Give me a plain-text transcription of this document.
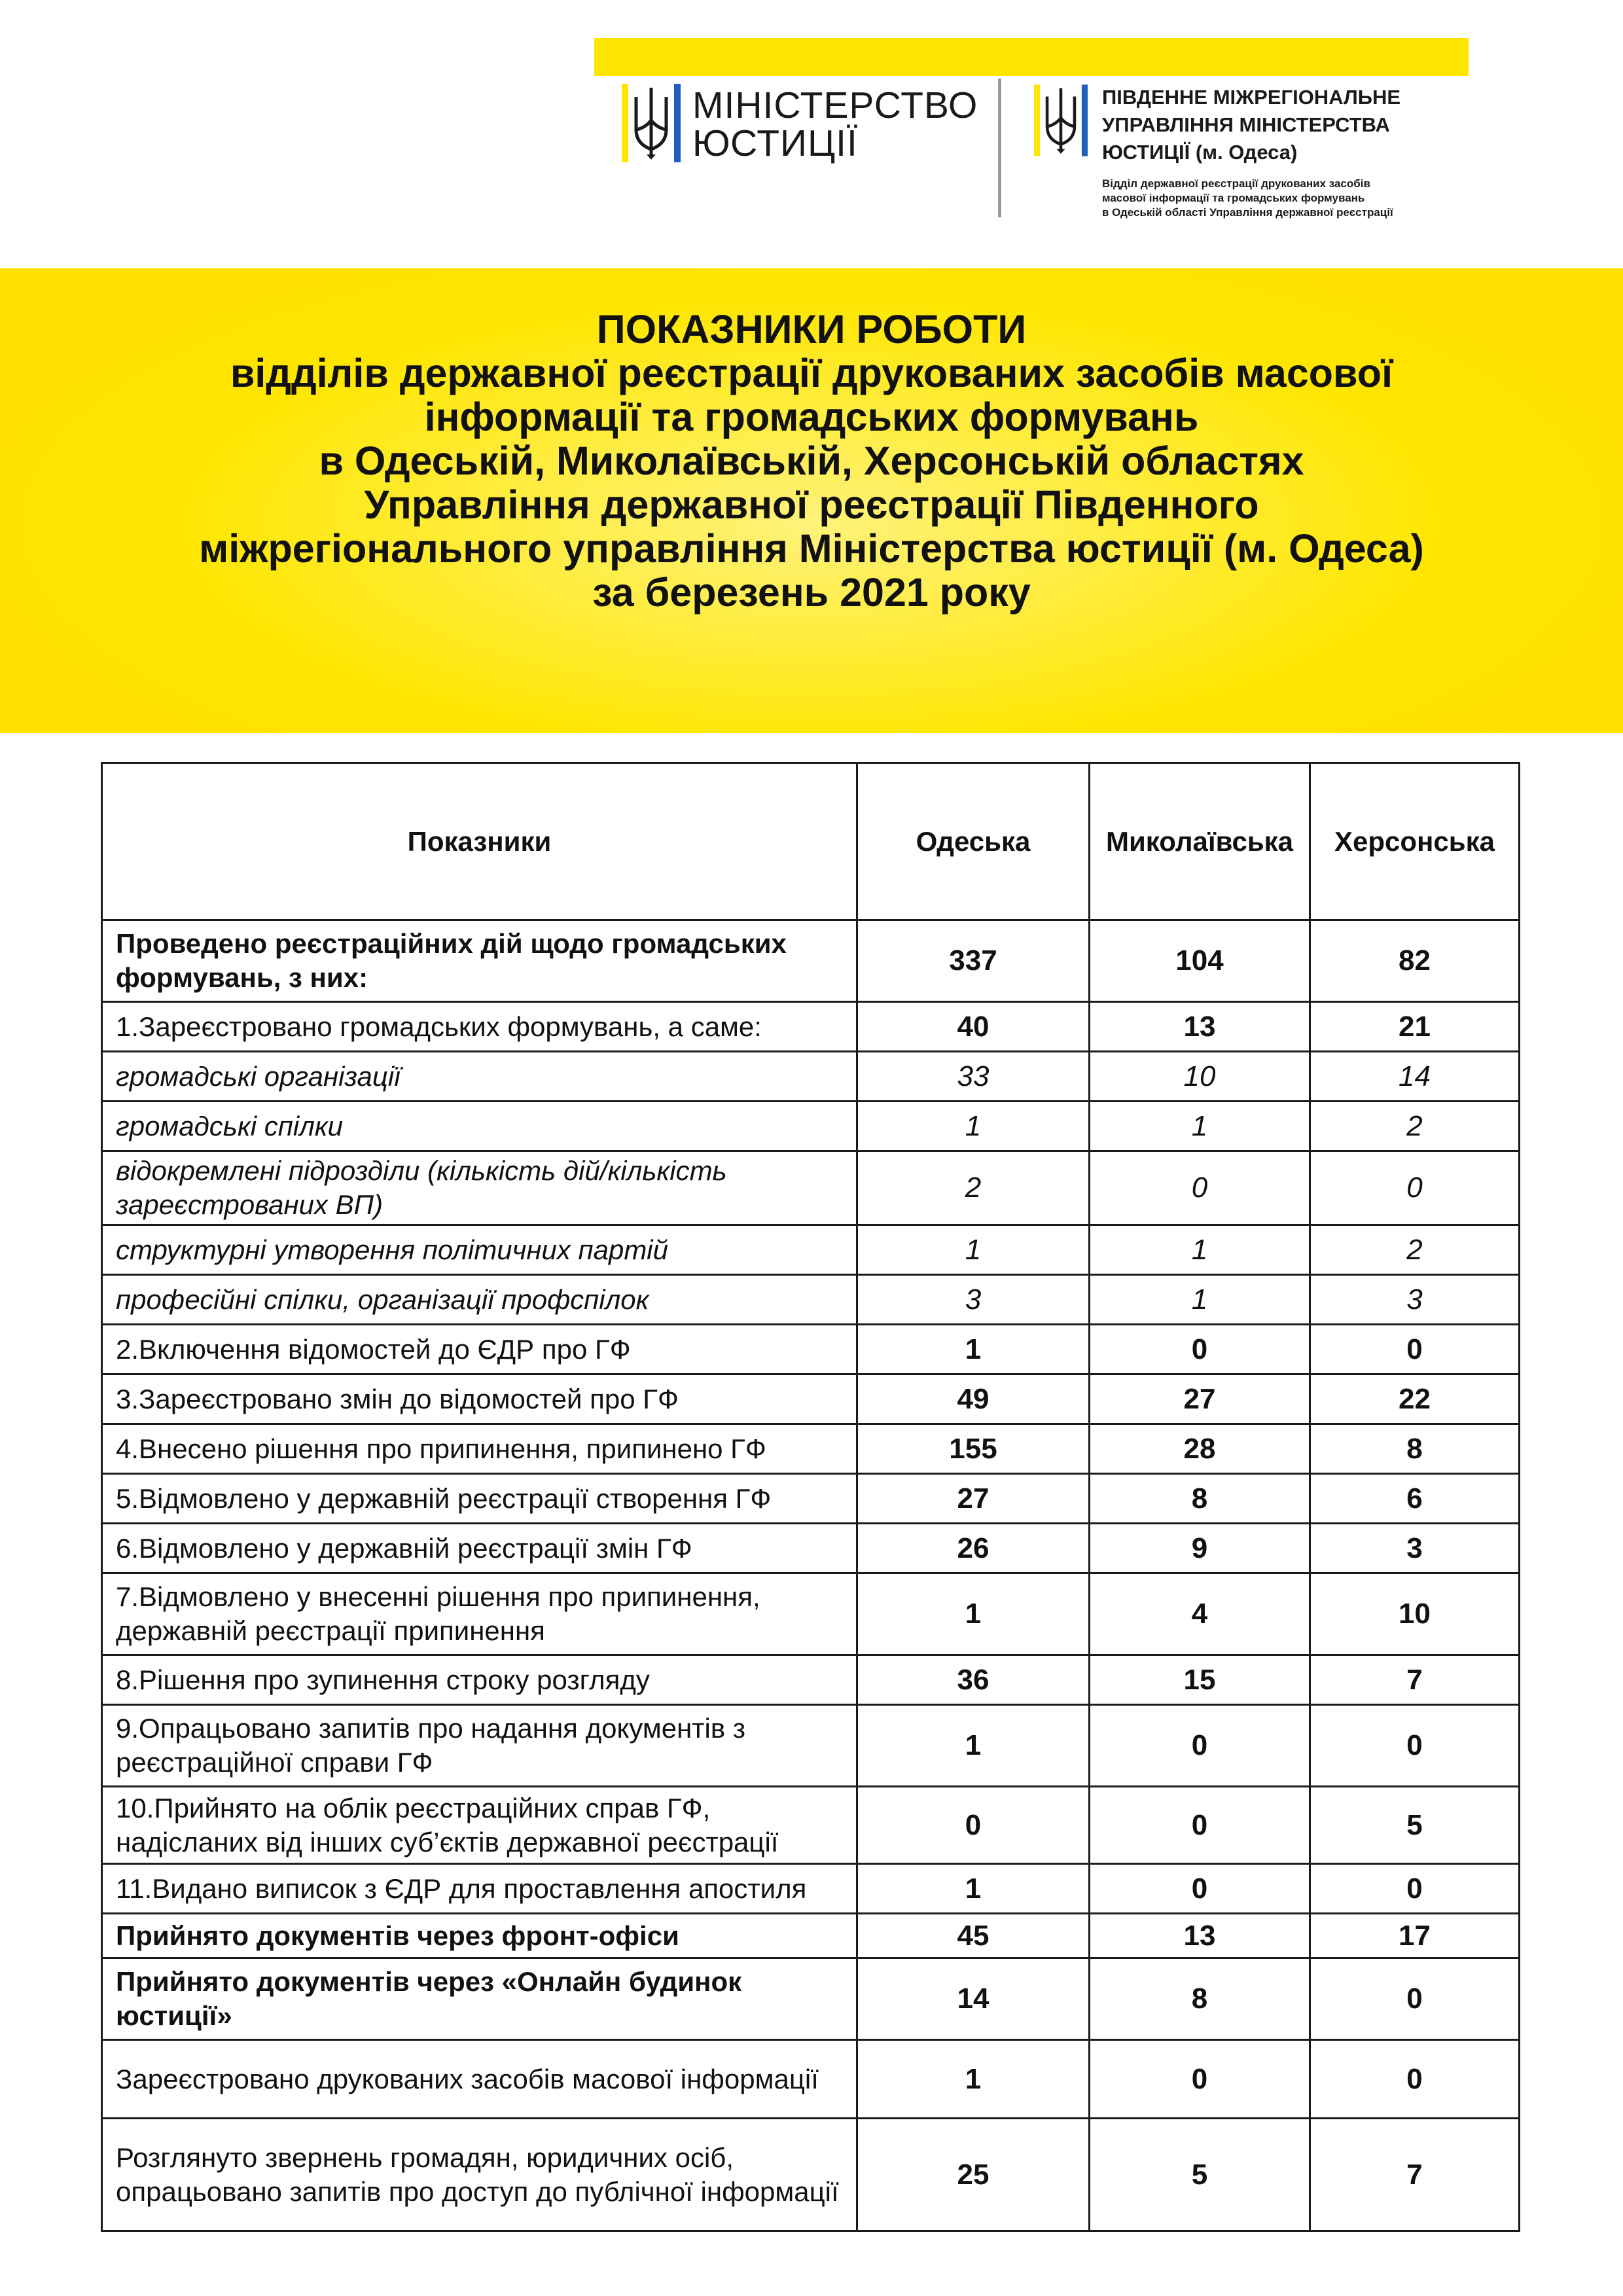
МІНІСТЕРСТВО
ЮСТИЦІЇ
ПІВДЕННЕ МІЖРЕГІОНАЛЬНЕ
УПРАВЛІННЯ МІНІСТЕРСТВА
ЮСТИЦІЇ (м. Одеса)
Відділ державної реєстрації друкованих засобів
масової інформації та громадських формувань
в Одеській області Управління державної реєстрації
ПОКАЗНИКИ РОБОТИ
відділів державної реєстрації друкованих засобів масової
інформації та громадських формувань
в Одеській, Миколаївській, Херсонській областях
Управління державної реєстрації Південного
міжрегіонального управління Міністерства юстиції (м. Одеса)
за березень 2021 року
Показники	Одеська	Миколаївська	Херсонська
Проведено реєстраційних дій щодо громадських формувань, з них:	337	104	82
1.Зареєстровано громадських формувань, а саме:	40	13	21
громадські організації	33	10	14
громадські спілки	1	1	2
відокремлені підрозділи (кількість дій/кількість зареєстрованих ВП)	2	0	0
структурні утворення політичних партій	1	1	2
професійні спілки, організації профспілок	3	1	3
2.Включення відомостей до ЄДР про ГФ	1	0	0
3.Зареєстровано змін до відомостей про ГФ	49	27	22
4.Внесено рішення про припинення, припинено ГФ	155	28	8
5.Відмовлено у державній реєстрації створення ГФ	27	8	6
6.Відмовлено у державній реєстрації змін ГФ	26	9	3
7.Відмовлено у внесенні рішення про припинення, державній реєстрації припинення	1	4	10
8.Рішення про зупинення строку розгляду	36	15	7
9.Опрацьовано запитів про надання документів з реєстраційної справи ГФ	1	0	0
10.Прийнято на облік реєстраційних справ ГФ, надісланих від інших суб’єктів державної реєстрації	0	0	5
11.Видано виписок з ЄДР для проставлення апостиля	1	0	0
Прийнято документів через фронт-офіси	45	13	17
Прийнято документів через «Онлайн будинок юстиції»	14	8	0
Зареєстровано друкованих засобів масової інформації	1	0	0
Розглянуто звернень громадян, юридичних осіб, опрацьовано запитів про доступ до публічної інформації	25	5	7
